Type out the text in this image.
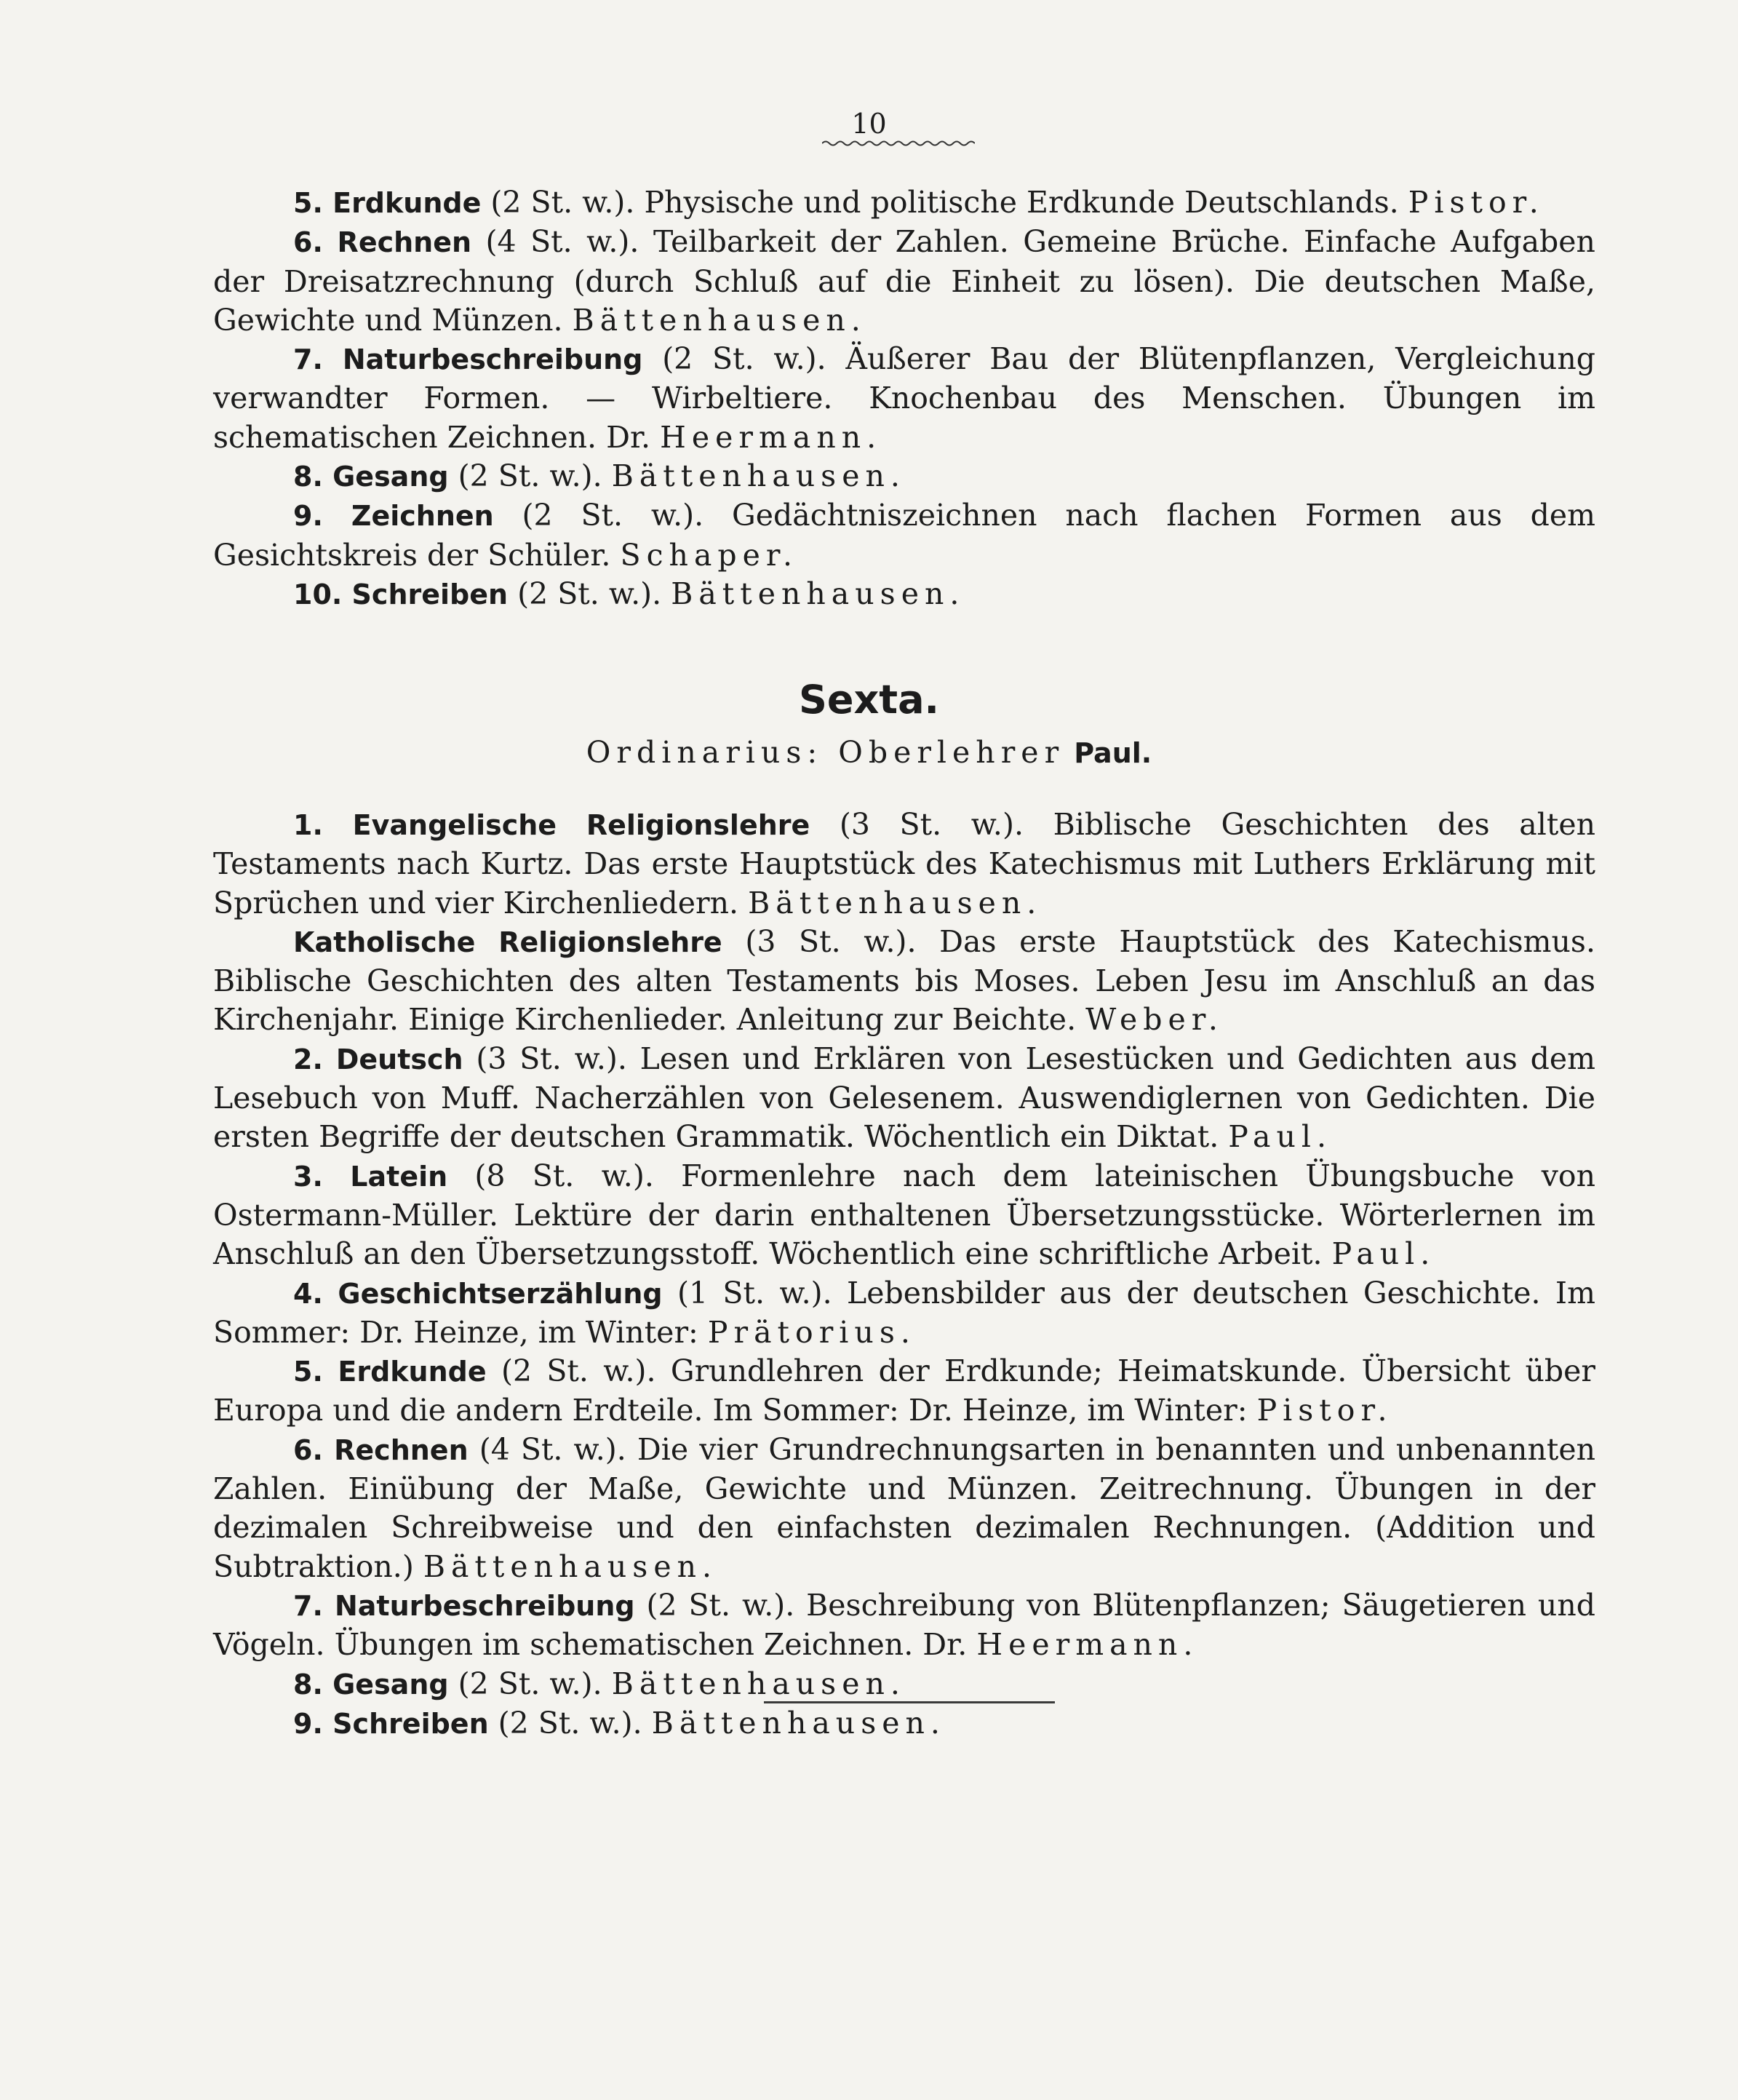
10

5. Erdkunde (2 St. w.). Physische und politische Erdkunde Deutschlands. Pistor.

6. Rechnen (4 St. w.). Teilbarkeit der Zahlen. Gemeine Brüche. Einfache Aufgaben der Dreisatzrechnung (durch Schluß auf die Einheit zu lösen). Die deutschen Maße, Gewichte und Münzen. Bättenhausen.

7. Naturbeschreibung (2 St. w.). Äußerer Bau der Blütenpflanzen, Vergleichung verwandter Formen. — Wirbeltiere. Knochenbau des Menschen. Übungen im schematischen Zeichnen. Dr. Heermann.

8. Gesang (2 St. w.). Bättenhausen.

9. Zeichnen (2 St. w.). Gedächtniszeichnen nach flachen Formen aus dem Gesichtskreis der Schüler. Schaper.

10. Schreiben (2 St. w.). Bättenhausen.

Sexta.
Ordinarius: Oberlehrer Paul.

1. Evangelische Religionslehre (3 St. w.). Biblische Geschichten des alten Testaments nach Kurtz. Das erste Hauptstück des Katechismus mit Luthers Erklärung mit Sprüchen und vier Kirchenliedern. Bättenhausen.

Katholische Religionslehre (3 St. w.). Das erste Hauptstück des Katechismus. Biblische Geschichten des alten Testaments bis Moses. Leben Jesu im Anschluß an das Kirchenjahr. Einige Kirchenlieder. Anleitung zur Beichte. Weber.

2. Deutsch (3 St. w.). Lesen und Erklären von Lesestücken und Gedichten aus dem Lesebuch von Muff. Nacherzählen von Gelesenem. Auswendiglernen von Gedichten. Die ersten Begriffe der deutschen Grammatik. Wöchentlich ein Diktat. Paul.

3. Latein (8 St. w.). Formenlehre nach dem lateinischen Übungsbuche von Ostermann-Müller. Lektüre der darin enthaltenen Übersetzungsstücke. Wörterlernen im Anschluß an den Übersetzungsstoff. Wöchentlich eine schriftliche Arbeit. Paul.

4. Geschichtserzählung (1 St. w.). Lebensbilder aus der deutschen Geschichte. Im Sommer: Dr. Heinze, im Winter: Prätorius.

5. Erdkunde (2 St. w.). Grundlehren der Erdkunde; Heimatskunde. Übersicht über Europa und die andern Erdteile. Im Sommer: Dr. Heinze, im Winter: Pistor.

6. Rechnen (4 St. w.). Die vier Grundrechnungsarten in benannten und unbenannten Zahlen. Einübung der Maße, Gewichte und Münzen. Zeitrechnung. Übungen in der dezimalen Schreibweise und den einfachsten dezimalen Rechnungen. (Addition und Subtraktion.) Bättenhausen.

7. Naturbeschreibung (2 St. w.). Beschreibung von Blütenpflanzen; Säugetieren und Vögeln. Übungen im schematischen Zeichnen. Dr. Heermann.

8. Gesang (2 St. w.). Bättenhausen.

9. Schreiben (2 St. w.). Bättenhausen.
